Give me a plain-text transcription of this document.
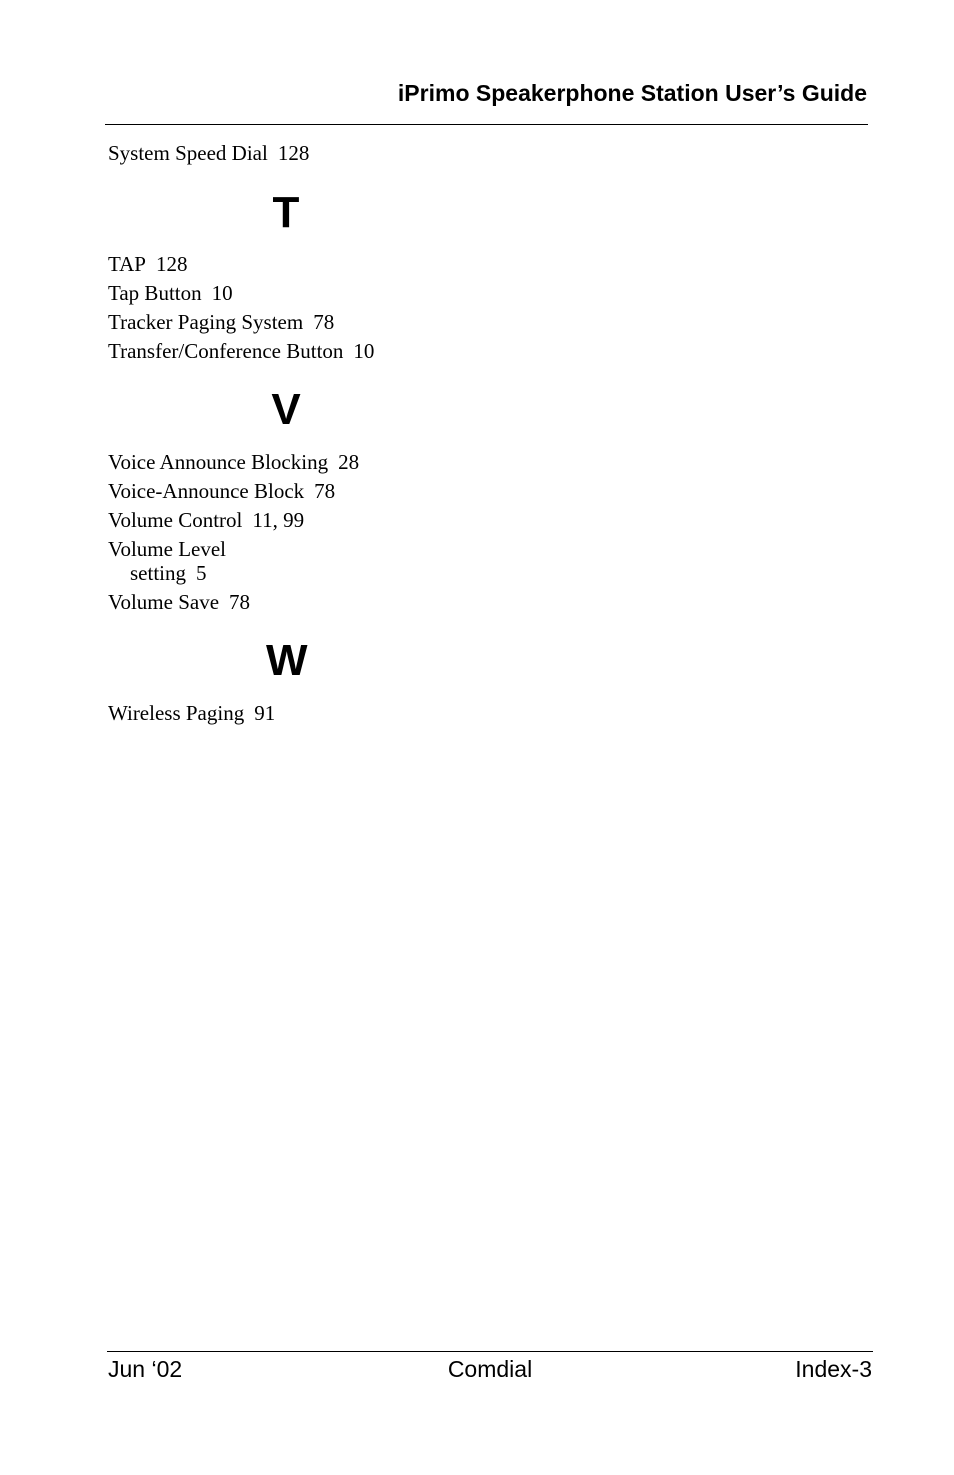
iPrimo Speakerphone Station User’s Guide
System Speed Dial 128
T
TAP 128
Tap Button 10
Tracker Paging System 78
Transfer/Conference Button 10
V
Voice Announce Blocking 28
Voice-Announce Block 78
Volume Control 11, 99
Volume Level
setting 5
Volume Save 78
W
Wireless Paging 91
Jun ‘02	Comdial	Index-3
